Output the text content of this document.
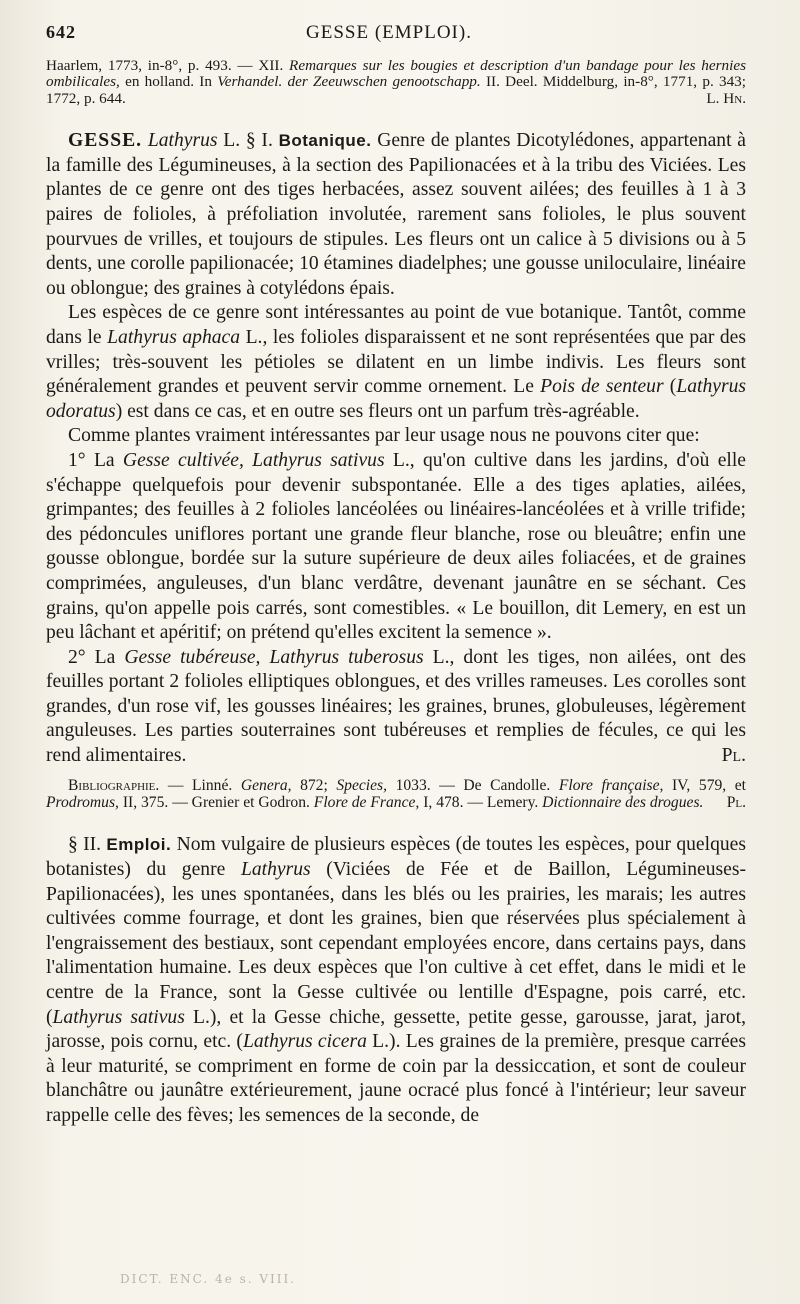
642	GESSE (EMPLOI).

Haarlem, 1773, in-8°, p. 493. — XII. Remarques sur les bougies et description d'un bandage pour les hernies ombilicales, en holland. In Verhandel. der Zeeuwschen genootschapp. II. Deel. Middelburg, in-8°, 1771, p. 343; 1772, p. 644.	L. Hn.

GESSE. Lathyrus L. § I. Botanique. Genre de plantes Dicotylédones, appartenant à la famille des Légumineuses, à la section des Papilionacées et à la tribu des Viciées. Les plantes de ce genre ont des tiges herbacées, assez souvent ailées; des feuilles à 1 à 3 paires de folioles, à préfoliation involutée, rarement sans folioles, le plus souvent pourvues de vrilles, et toujours de stipules. Les fleurs ont un calice à 5 divisions ou à 5 dents, une corolle papilionacée; 10 étamines diadelphes; une gousse uniloculaire, linéaire ou oblongue; des graines à cotylédons épais.

Les espèces de ce genre sont intéressantes au point de vue botanique. Tantôt, comme dans le Lathyrus aphaca L., les folioles disparaissent et ne sont représentées que par des vrilles; très-souvent les pétioles se dilatent en un limbe indivis. Les fleurs sont généralement grandes et peuvent servir comme ornement. Le Pois de senteur (Lathyrus odoratus) est dans ce cas, et en outre ses fleurs ont un parfum très-agréable.

Comme plantes vraiment intéressantes par leur usage nous ne pouvons citer que:

1° La Gesse cultivée, Lathyrus sativus L., qu'on cultive dans les jardins, d'où elle s'échappe quelquefois pour devenir subspontanée. Elle a des tiges aplaties, ailées, grimpantes; des feuilles à 2 folioles lancéolées ou linéaires-lancéolées et à vrille trifide; des pédoncules uniflores portant une grande fleur blanche, rose ou bleuâtre; enfin une gousse oblongue, bordée sur la suture supérieure de deux ailes foliacées, et de graines comprimées, anguleuses, d'un blanc verdâtre, devenant jaunâtre en se séchant. Ces grains, qu'on appelle pois carrés, sont comestibles. « Le bouillon, dit Lemery, en est un peu lâchant et apéritif; on prétend qu'elles excitent la semence ».

2° La Gesse tubéreuse, Lathyrus tuberosus L., dont les tiges, non ailées, ont des feuilles portant 2 folioles elliptiques oblongues, et des vrilles rameuses. Les corolles sont grandes, d'un rose vif, les gousses linéaires; les graines, brunes, globuleuses, légèrement anguleuses. Les parties souterraines sont tubéreuses et remplies de fécules, ce qui les rend alimentaires.	Pl.

Bibliographie. — Linné. Genera, 872; Species, 1033. — De Candolle. Flore française, IV, 579, et Prodromus, II, 375. — Grenier et Godron. Flore de France, I, 478. — Lemery. Dictionnaire des drogues.	Pl.

§ II. Emploi. Nom vulgaire de plusieurs espèces (de toutes les espèces, pour quelques botanistes) du genre Lathyrus (Viciées de Fée et de Baillon, Légumineuses-Papilionacées), les unes spontanées, dans les blés ou les prairies, les marais; les autres cultivées comme fourrage, et dont les graines, bien que réservées plus spécialement à l'engraissement des bestiaux, sont cependant employées encore, dans certains pays, dans l'alimentation humaine. Les deux espèces que l'on cultive à cet effet, dans le midi et le centre de la France, sont la Gesse cultivée ou lentille d'Espagne, pois carré, etc. (Lathyrus sativus L.), et la Gesse chiche, gessette, petite gesse, garousse, jarat, jarot, jarosse, pois cornu, etc. (Lathyrus cicera L.). Les graines de la première, presque carrées à leur maturité, se compriment en forme de coin par la dessiccation, et sont de couleur blanchâtre ou jaunâtre extérieurement, jaune ocracé plus foncé à l'intérieur; leur saveur rappelle celle des fèves; les semences de la seconde, de

DICT. ENC. 4e s. VIII.
